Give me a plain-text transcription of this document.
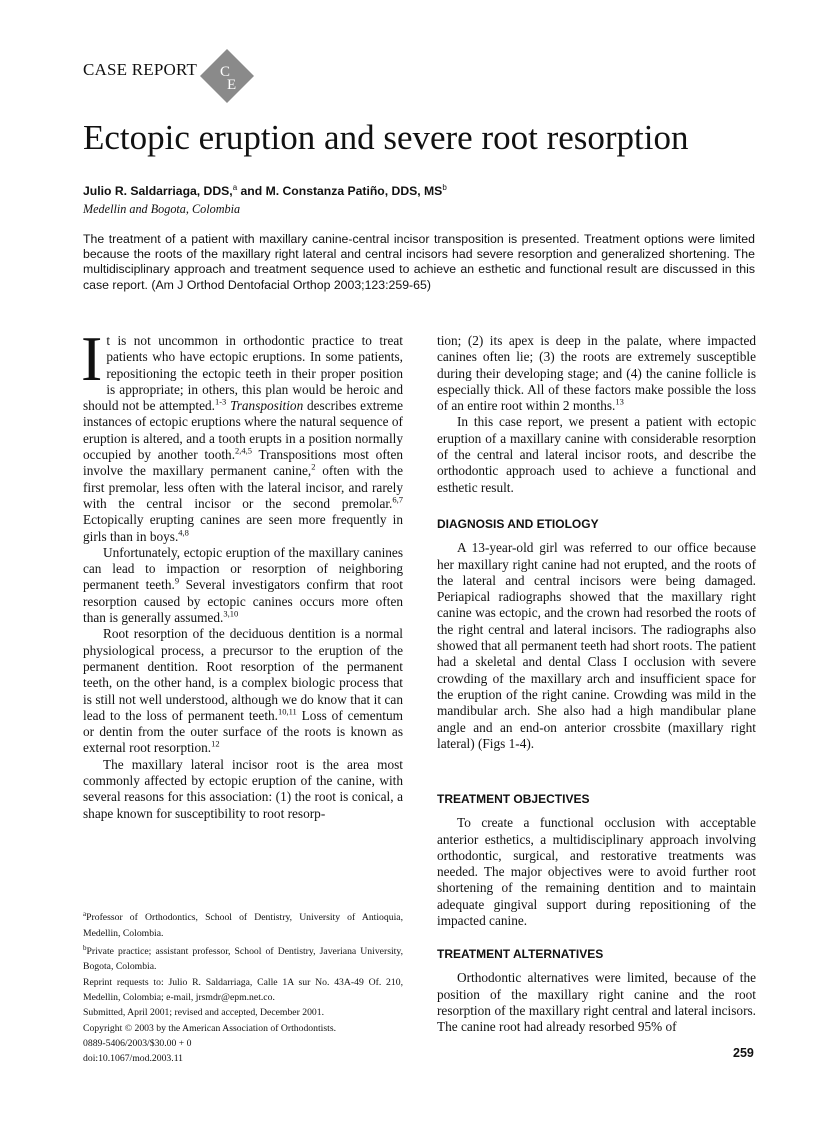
CASE REPORT C
E
Ectopic eruption and severe root resorption
Julio R. Saldarriaga, DDS,$^a$ and M. Constanza Patiño, DDS, $MS^b$
Medellin and Bogota, Colombia
The treatment of a patient with maxillary canine-central incisor transposition is presented. Treatment options were limited because the roots of the maxillary right lateral and central incisors had severe resorption and generalized shortening. The multidisciplinary approach and treatment sequence used to achieve an esthetic and functional result are discussed in this case report. (Am J Orthod Dentofacial Orthop 2003;123:259-65)

It is not uncommon in orthodontic practice to treat patients who have ectopic eruptions. In some patients, repositioning the ectopic teeth in their proper position is appropriate; in others, this plan would be heroic and should not be attempted.$^{1-3}$ Transposition describes extreme instances of ectopic eruptions where the natural sequence of eruption is altered, and a tooth erupts in a position normally occupied by another tooth.$^{2,4,5}$ Transpositions most often involve the maxillary permanent canine,$^2$ often with the first premolar, less often with the lateral incisor, and rarely with the central incisor or the second premolar.$^{6,7}$ Ectopically erupting canines are seen more frequently in girls than in boys.$^{4,8}$

Unfortunately, ectopic eruption of the maxillary canines can lead to impaction or resorption of neighboring permanent teeth.$^9$ Several investigators confirm that root resorption caused by ectopic canines occurs more often than is generally assumed.$^{3,10}$

Root resorption of the deciduous dentition is a normal physiological process, a precursor to the eruption of the permanent dentition. Root resorption of the permanent teeth, on the other hand, is a complex biologic process that is still not well understood, although we do know that it can lead to the loss of permanent teeth.$^{10,11}$ Loss of cementum or dentin from the outer surface of the roots is known as external root resorption.$^{12}$

The maxillary lateral incisor root is the area most commonly affected by ectopic eruption of the canine, with several reasons for this association: (1) the root is conical, a shape known for susceptibility to root resorp-

tion; (2) its apex is deep in the palate, where impacted canines often lie; (3) the roots are extremely susceptible during their developing stage; and (4) the canine follicle is especially thick. All of these factors make possible the loss of an entire root within 2 months.$^{13}$

In this case report, we present a patient with ectopic eruption of a maxillary canine with considerable resorption of the central and lateral incisor roots, and describe the orthodontic approach used to achieve a functional and esthetic result.

DIAGNOSIS AND ETIOLOGY

A 13-year-old girl was referred to our office because her maxillary right canine had not erupted, and the roots of the lateral and central incisors were being damaged. Periapical radiographs showed that the maxillary right canine was ectopic, and the crown had resorbed the roots of the right central and lateral incisors. The radiographs also showed that all permanent teeth had short roots. The patient had a skeletal and dental Class I occlusion with severe crowding of the maxillary arch and insufficient space for the eruption of the right canine. Crowding was mild in the mandibular arch. She also had a high mandibular plane angle and an end-on anterior crossbite (maxillary right lateral) (Figs 1-4).

TREATMENT OBJECTIVES

To create a functional occlusion with acceptable anterior esthetics, a multidisciplinary approach involving orthodontic, surgical, and restorative treatments was needed. The major objectives were to avoid further root shortening of the remaining dentition and to maintain adequate gingival support during repositioning of the impacted canine.

TREATMENT ALTERNATIVES

Orthodontic alternatives were limited, because of the position of the maxillary right canine and the root resorption of the maxillary right central and lateral incisors. The canine root had already resorbed 95% of

$^a$Professor of Orthodontics, School of Dentistry, University of Antioquia, Medellin, Colombia.
$^b$Private practice; assistant professor, School of Dentistry, Javeriana University, Bogota, Colombia.
Reprint requests to: Julio R. Saldarriaga, Calle 1A sur No. 43A-49 Of. 210, Medellin, Colombia; e-mail, jrsmdr@epm.net.co.
Submitted, April 2001; revised and accepted, December 2001.
Copyright © 2003 by the American Association of Orthodontists.
0889-5406/2003/$30.00 + 0
doi:10.1067/mod.2003.11	259
